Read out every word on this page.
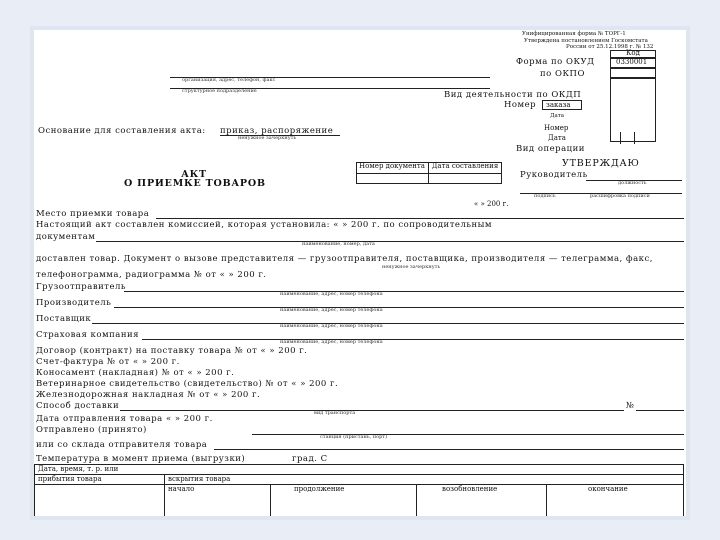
Унифицированная форма № ТОРГ-1
Утверждена постановлением Госкомстата
России от 25.12.1998 г. № 132
Код
Форма по ОКУД	0330001
по ОКПО
организация, адрес, телефон, факс
структурное подразделение	Вид деятельности по ОКДП
Номер заказа
Дата
Основание для составления акта: приказ, распоряжение
ненужное зачеркнуть
Номер
Дата
Вид операции
Номер документа Дата составления
АКТ
О ПРИЕМКЕ ТОВАРОВ
УТВЕРЖДАЮ
Руководитель
должность
подпись	расшифровка подписи
« » 200 г.
Место приемки товара
Настоящий акт составлен комиссией, которая установила: « » 200 г. по сопроводительным
документам
наименование, номер, дата
доставлен товар. Документ о вызове представителя — грузоотправителя, поставщика, производителя — телеграмма, факс,
ненужное зачеркнуть
телефонограмма, радиограмма № от « » 200 г.
Грузоотправитель
наименование, адрес, номер телефона
Производитель
наименование, адрес, номер телефона
Поставщик
наименование, адрес, номер телефона
Страховая компания
наименование, адрес, номер телефона
Договор (контракт) на поставку товара № от « » 200 г.
Счет-фактура № от « » 200 г.
Коносамент (накладная) № от « » 200 г.
Ветеринарное свидетельство (свидетельство) № от « » 200 г.
Железнодорожная накладная № от « » 200 г.
Способ доставки	№
вид транспорта
Дата отправления товара « » 200 г.
Отправлено (принято)
станция (пристань, порт)
или со склада отправителя товара
Температура в момент приема (выгрузки)	град. С
Дата, время, т. р. или
прибытия товара	вскрытия товара
начало	продолжение	возобновление	окончание
